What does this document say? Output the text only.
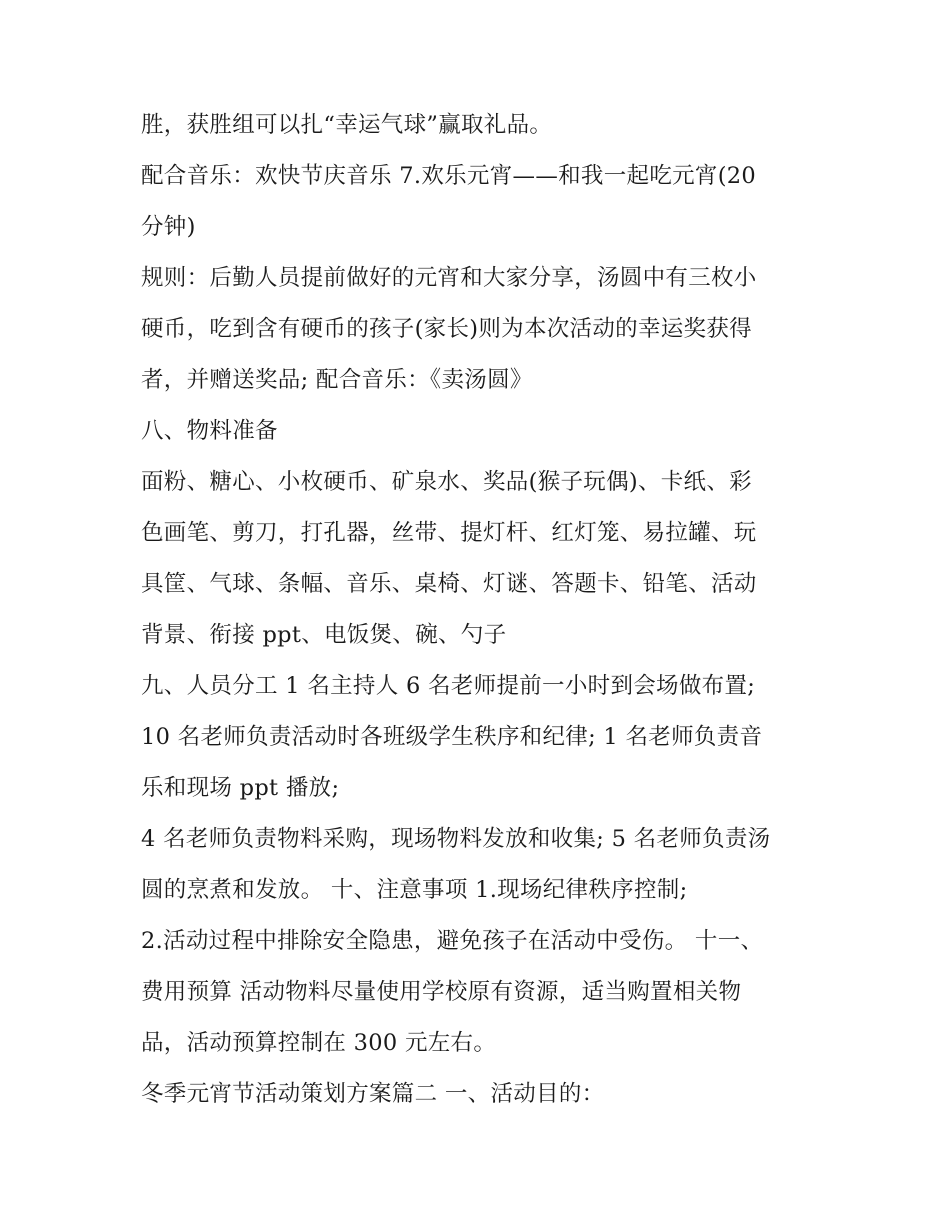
胜，获胜组可以扎“幸运气球”赢取礼品。
配合音乐：欢快节庆音乐 7.欢乐元宵——和我一起吃元宵(20
分钟)
规则：后勤人员提前做好的元宵和大家分享，汤圆中有三枚小
硬币，吃到含有硬币的孩子(家长)则为本次活动的幸运奖获得
者，并赠送奖品; 配合音乐：《卖汤圆》
八、物料准备
面粉、糖心、小枚硬币、矿泉水、奖品(猴子玩偶)、卡纸、彩
色画笔、剪刀，打孔器，丝带、提灯杆、红灯笼、易拉罐、玩
具筐、气球、条幅、音乐、桌椅、灯谜、答题卡、铅笔、活动
背景、衔接 ppt、电饭煲、碗、勺子
九、人员分工 1 名主持人 6 名老师提前一小时到会场做布置;
10 名老师负责活动时各班级学生秩序和纪律; 1 名老师负责音
乐和现场 ppt 播放;
4 名老师负责物料采购，现场物料发放和收集; 5 名老师负责汤
圆的烹煮和发放。 十、注意事项 1.现场纪律秩序控制;
2.活动过程中排除安全隐患，避免孩子在活动中受伤。 十一、
费用预算 活动物料尽量使用学校原有资源，适当购置相关物
品，活动预算控制在 300 元左右。
冬季元宵节活动策划方案篇二 一、活动目的：
